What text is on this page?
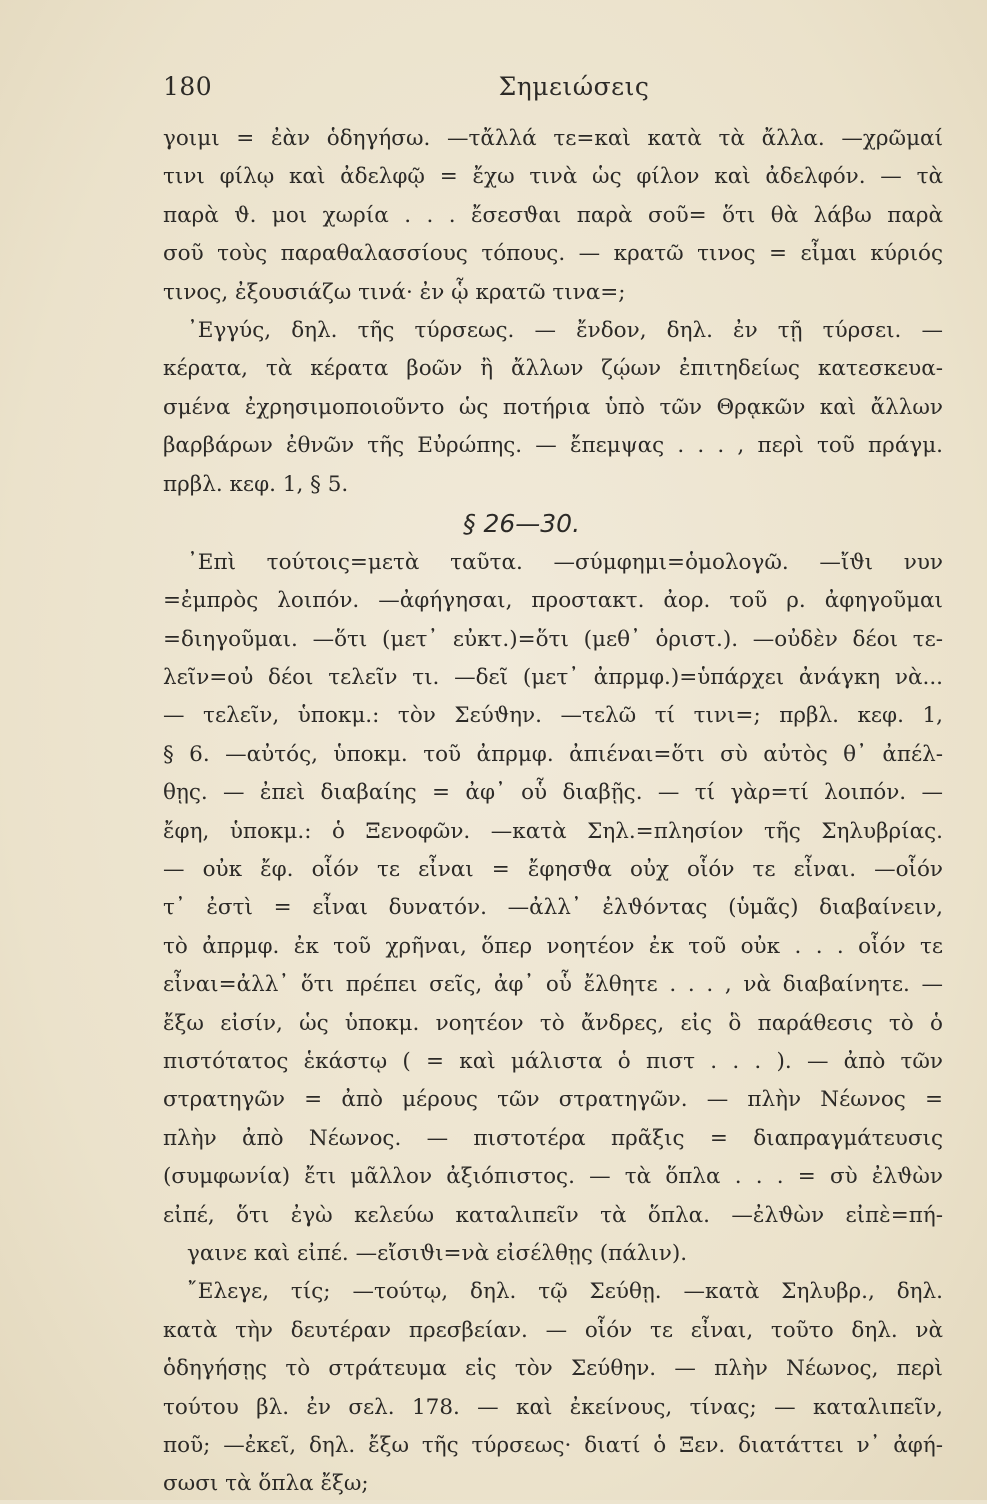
180	Σημειώσεις
γοιμι = ἐὰν ὁδηγήσω. —τἄλλά τε=καὶ κατὰ τὰ ἄλλα. —χρῶμαί
τινι φίλῳ καὶ ἀδελφῷ = ἔχω τινὰ ὡς φίλον καὶ ἀδελφόν. — τὰ
παρὰ ϑ. μοι χωρία . . . ἔσεσϑαι παρὰ σοῦ= ὅτι θὰ λάβω παρὰ
σοῦ τοὺς παραθαλασσίους τόπους. — κρατῶ τινος = εἶμαι κύριός
τινος, ἐξουσιάζω τινά· ἐν ᾧ κρατῶ τινα=;
᾿Εγγύς, δηλ. τῆς τύρσεως. — ἔνδον, δηλ. ἐν τῇ τύρσει. —
κέρατα, τὰ κέρατα βοῶν ἢ ἄλλων ζῴων ἐπιτηδείως κατεσκευα-
σμένα ἐχρησιμοποιοῦντο ὡς ποτήρια ὑπὸ τῶν Θρᾳκῶν καὶ ἄλλων
βαρβάρων ἐθνῶν τῆς Εὐρώπης. — ἔπεμψας . . . , περὶ τοῦ πράγμ.
πρβλ. κεφ. 1, § 5.
§ 26—30.
᾿Επὶ τούτοις=μετὰ ταῦτα. —σύμφημι=ὁμολογῶ. —ἴϑι νυν
=ἐμπρὸς λοιπόν. —ἀφήγησαι, προστακτ. ἀορ. τοῦ ρ. ἀφηγοῦμαι
=διηγοῦμαι. —ὅτι (μετ᾽ εὐκτ.)=ὅτι (μεθ᾽ ὁριστ.). —οὐδὲν δέοι τε-
λεῖν=οὐ δέοι τελεῖν τι. —δεῖ (μετ᾽ ἀπρμφ.)=ὑπάρχει ἀνάγκη νὰ...
— τελεῖν, ὑποκμ.: τὸν Σεύϑην. —τελῶ τί τινι=; πρβλ. κεφ. 1,
§ 6. —αὐτός, ὑποκμ. τοῦ ἀπρμφ. ἀπιέναι=ὅτι σὺ αὐτὸς θ᾽ ἀπέλ-
θῃς. — ἐπεὶ διαβαίης = ἀφ᾽ οὗ διαβῇς. — τί γὰρ=τί λοιπόν. —
ἔφη, ὑποκμ.: ὁ Ξενοφῶν. —κατὰ Σηλ.=πλησίον τῆς Σηλυβρίας.
— οὐκ ἔφ. οἷόν τε εἶναι = ἔφησϑα οὐχ οἷόν τε εἶναι. —οἷόν
τ᾽ ἐστὶ = εἶναι δυνατόν. —ἀλλ᾽ ἐλϑόντας (ὑμᾶς) διαβαίνειν,
τὸ ἀπρμφ. ἐκ τοῦ χρῆναι, ὅπερ νοητέον ἐκ τοῦ οὐκ . . . οἷόν τε
εἶναι=ἀλλ᾽ ὅτι πρέπει σεῖς, ἀφ᾽ οὗ ἔλθητε . . . , νὰ διαβαίνητε. —
ἔξω εἰσίν, ὡς ὑποκμ. νοητέον τὸ ἄνδρες, εἰς ὃ παράθεσις τὸ ὁ
πιστότατος ἑκάστῳ ( = καὶ μάλιστα ὁ πιστ . . . ). — ἀπὸ τῶν
στρατηγῶν = ἀπὸ μέρους τῶν στρατηγῶν. — πλὴν Νέωνος =
πλὴν ἀπὸ Νέωνος. — πιστοτέρα πρᾶξις = διαπραγμάτευσις
(συμφωνία) ἔτι μᾶλλον ἀξιόπιστος. — τὰ ὅπλα . . . = σὺ ἐλϑὼν
εἰπέ, ὅτι ἐγὼ κελεύω καταλιπεῖν τὰ ὅπλα. —ἐλϑὼν εἰπὲ=πή-
γαινε καὶ εἰπέ. —εἴσιϑι=νὰ εἰσέλθῃς (πάλιν).
῎Ελεγε, τίς; —τούτῳ, δηλ. τῷ Σεύθῃ. —κατὰ Σηλυβρ., δηλ.
κατὰ τὴν δευτέραν πρεσβείαν. — οἷόν τε εἶναι, τοῦτο δηλ. νὰ
ὁδηγήσῃς τὸ στράτευμα εἰς τὸν Σεύθην. — πλὴν Νέωνος, περὶ
τούτου βλ. ἐν σελ. 178. — καὶ ἐκείνους, τίνας; — καταλιπεῖν,
ποῦ; —ἐκεῖ, δηλ. ἔξω τῆς τύρσεως· διατί ὁ Ξεν. διατάττει ν᾽ ἀφή-
σωσι τὰ ὅπλα ἔξω;
